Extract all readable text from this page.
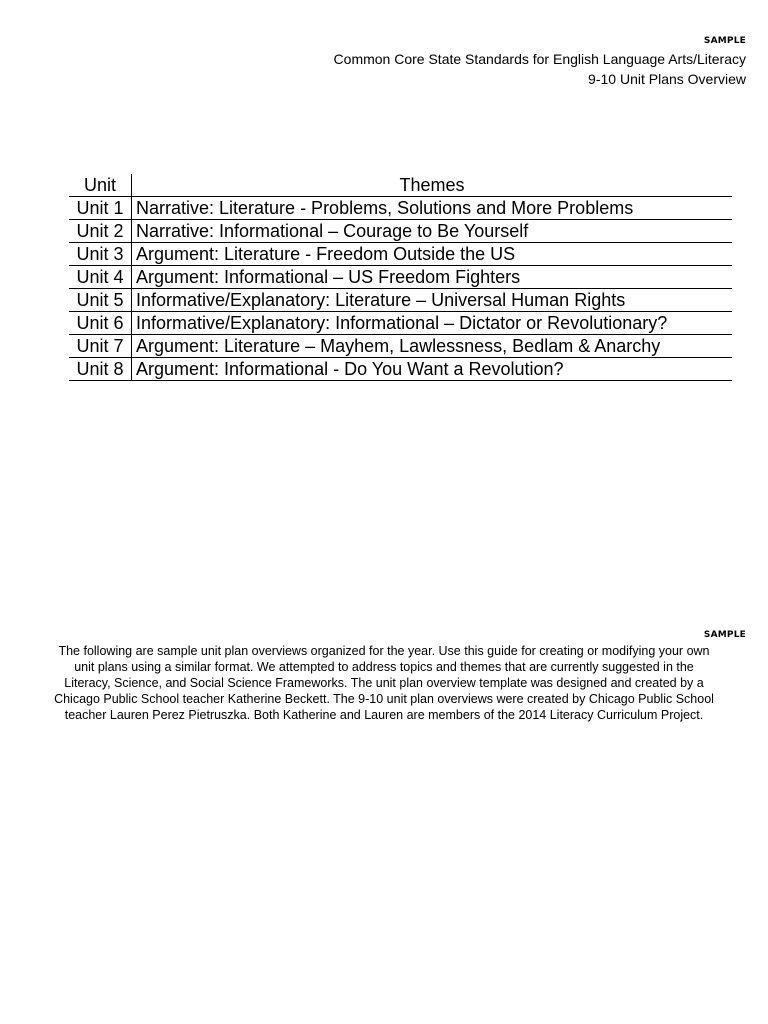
SAMPLE
Common Core State Standards for English Language Arts/Literacy
9-10 Unit Plans Overview
Unit	Themes
Unit 1	Narrative: Literature - Problems, Solutions and More Problems
Unit 2	Narrative: Informational – Courage to Be Yourself
Unit 3	Argument: Literature - Freedom Outside the US
Unit 4	Argument: Informational – US Freedom Fighters
Unit 5	Informative/Explanatory: Literature – Universal Human Rights
Unit 6	Informative/Explanatory: Informational – Dictator or Revolutionary?
Unit 7	Argument: Literature – Mayhem, Lawlessness, Bedlam & Anarchy
Unit 8	Argument: Informational - Do You Want a Revolution?
SAMPLE
The following are sample unit plan overviews organized for the year. Use this guide for creating or modifying your own
unit plans using a similar format. We attempted to address topics and themes that are currently suggested in the
Literacy, Science, and Social Science Frameworks. The unit plan overview template was designed and created by a
Chicago Public School teacher Katherine Beckett. The 9-10 unit plan overviews were created by Chicago Public School
teacher Lauren Perez Pietruszka. Both Katherine and Lauren are members of the 2014 Literacy Curriculum Project.
